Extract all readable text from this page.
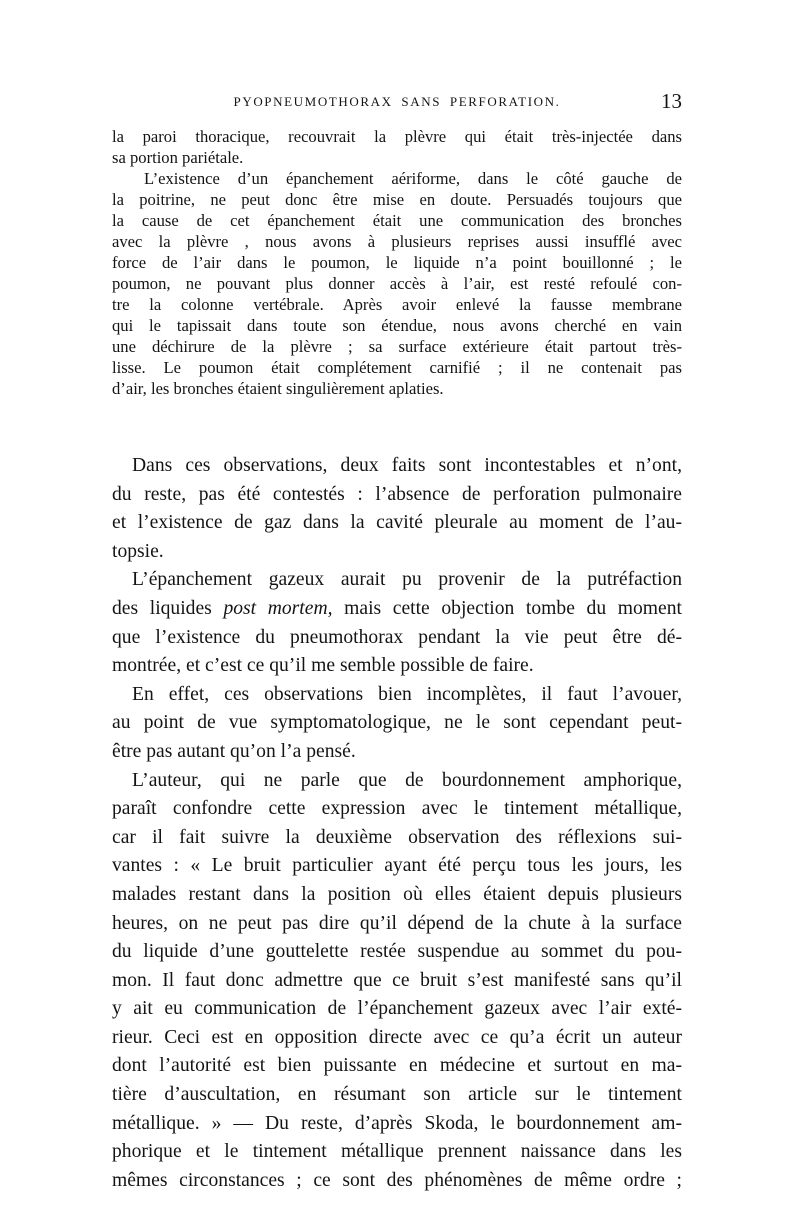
PYOPNEUMOTHORAX SANS PERFORATION.	13
la paroi thoracique, recouvrait la plèvre qui était très-injectée dans
sa portion pariétale.
L’existence d’un épanchement aériforme, dans le côté gauche de
la poitrine, ne peut donc être mise en doute. Persuadés toujours que
la cause de cet épanchement était une communication des bronches
avec la plèvre , nous avons à plusieurs reprises aussi insufflé avec
force de l’air dans le poumon, le liquide n’a point bouillonné ; le
poumon, ne pouvant plus donner accès à l’air, est resté refoulé con-
tre la colonne vertébrale. Après avoir enlevé la fausse membrane
qui le tapissait dans toute son étendue, nous avons cherché en vain
une déchirure de la plèvre ; sa surface extérieure était partout très-
lisse. Le poumon était complétement carnifié ; il ne contenait pas
d’air, les bronches étaient singulièrement aplaties.
Dans ces observations, deux faits sont incontestables et n’ont,
du reste, pas été contestés : l’absence de perforation pulmonaire
et l’existence de gaz dans la cavité pleurale au moment de l’au-
topsie.
L’épanchement gazeux aurait pu provenir de la putréfaction
des liquides post mortem, mais cette objection tombe du moment
que l’existence du pneumothorax pendant la vie peut être dé-
montrée, et c’est ce qu’il me semble possible de faire.
En effet, ces observations bien incomplètes, il faut l’avouer,
au point de vue symptomatologique, ne le sont cependant peut-
être pas autant qu’on l’a pensé.
L’auteur, qui ne parle que de bourdonnement amphorique,
paraît confondre cette expression avec le tintement métallique,
car il fait suivre la deuxième observation des réflexions sui-
vantes : « Le bruit particulier ayant été perçu tous les jours, les
malades restant dans la position où elles étaient depuis plusieurs
heures, on ne peut pas dire qu’il dépend de la chute à la surface
du liquide d’une gouttelette restée suspendue au sommet du pou-
mon. Il faut donc admettre que ce bruit s’est manifesté sans qu’il
y ait eu communication de l’épanchement gazeux avec l’air exté-
rieur. Ceci est en opposition directe avec ce qu’a écrit un auteur
dont l’autorité est bien puissante en médecine et surtout en ma-
tière d’auscultation, en résumant son article sur le tintement
métallique. » — Du reste, d’après Skoda, le bourdonnement am-
phorique et le tintement métallique prennent naissance dans les
mêmes circonstances ; ce sont des phénomènes de même ordre ;
